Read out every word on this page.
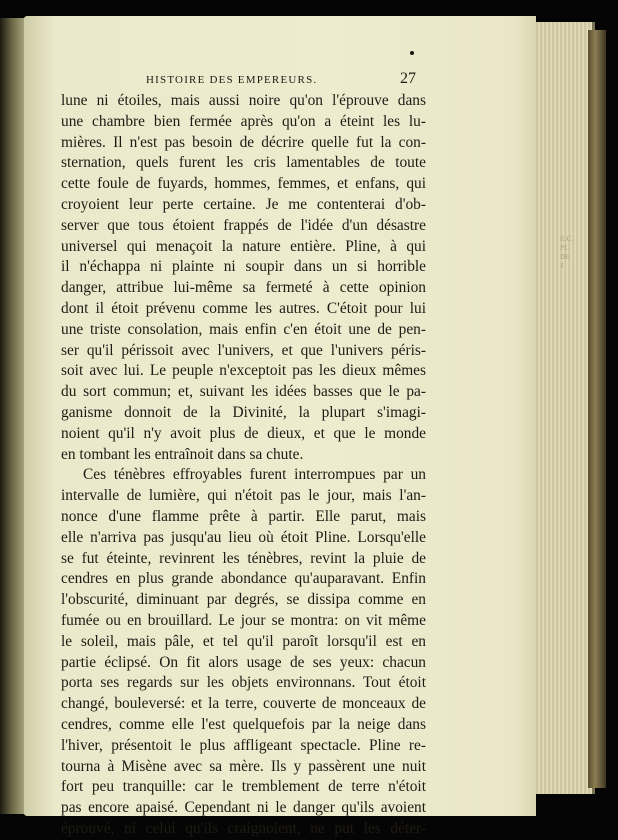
E.C.
PL
DE
J
HISTOIRE DES EMPEREURS.	27
lune ni étoiles, mais aussi noire qu'on l'éprouve dans
une chambre bien fermée après qu'on a éteint les lu-
mières. Il n'est pas besoin de décrire quelle fut la con-
sternation, quels furent les cris lamentables de toute
cette foule de fuyards, hommes, femmes, et enfans, qui
croyoient leur perte certaine. Je me contenterai d'ob-
server que tous étoient frappés de l'idée d'un désastre
universel qui menaçoit la nature entière. Pline, à qui
il n'échappa ni plainte ni soupir dans un si horrible
danger, attribue lui-même sa fermeté à cette opinion
dont il étoit prévenu comme les autres. C'étoit pour lui
une triste consolation, mais enfin c'en étoit une de pen-
ser qu'il périssoit avec l'univers, et que l'univers péris-
soit avec lui. Le peuple n'exceptoit pas les dieux mêmes
du sort commun; et, suivant les idées basses que le pa-
ganisme donnoit de la Divinité, la plupart s'imagi-
noient qu'il n'y avoit plus de dieux, et que le monde
en tombant les entraînoit dans sa chute.
Ces ténèbres effroyables furent interrompues par un
intervalle de lumière, qui n'étoit pas le jour, mais l'an-
nonce d'une flamme prête à partir. Elle parut, mais
elle n'arriva pas jusqu'au lieu où étoit Pline. Lorsqu'elle
se fut éteinte, revinrent les ténèbres, revint la pluie de
cendres en plus grande abondance qu'auparavant. Enfin
l'obscurité, diminuant par degrés, se dissipa comme en
fumée ou en brouillard. Le jour se montra: on vit même
le soleil, mais pâle, et tel qu'il paroît lorsqu'il est en
partie éclipsé. On fit alors usage de ses yeux: chacun
porta ses regards sur les objets environnans. Tout étoit
changé, bouleversé: et la terre, couverte de monceaux de
cendres, comme elle l'est quelquefois par la neige dans
l'hiver, présentoit le plus affligeant spectacle. Pline re-
tourna à Misène avec sa mère. Ils y passèrent une nuit
fort peu tranquille: car le tremblement de terre n'étoit
pas encore apaisé. Cependant ni le danger qu'ils avoient
éprouvé, ni celui qu'ils craignoient, ne put les déter-
